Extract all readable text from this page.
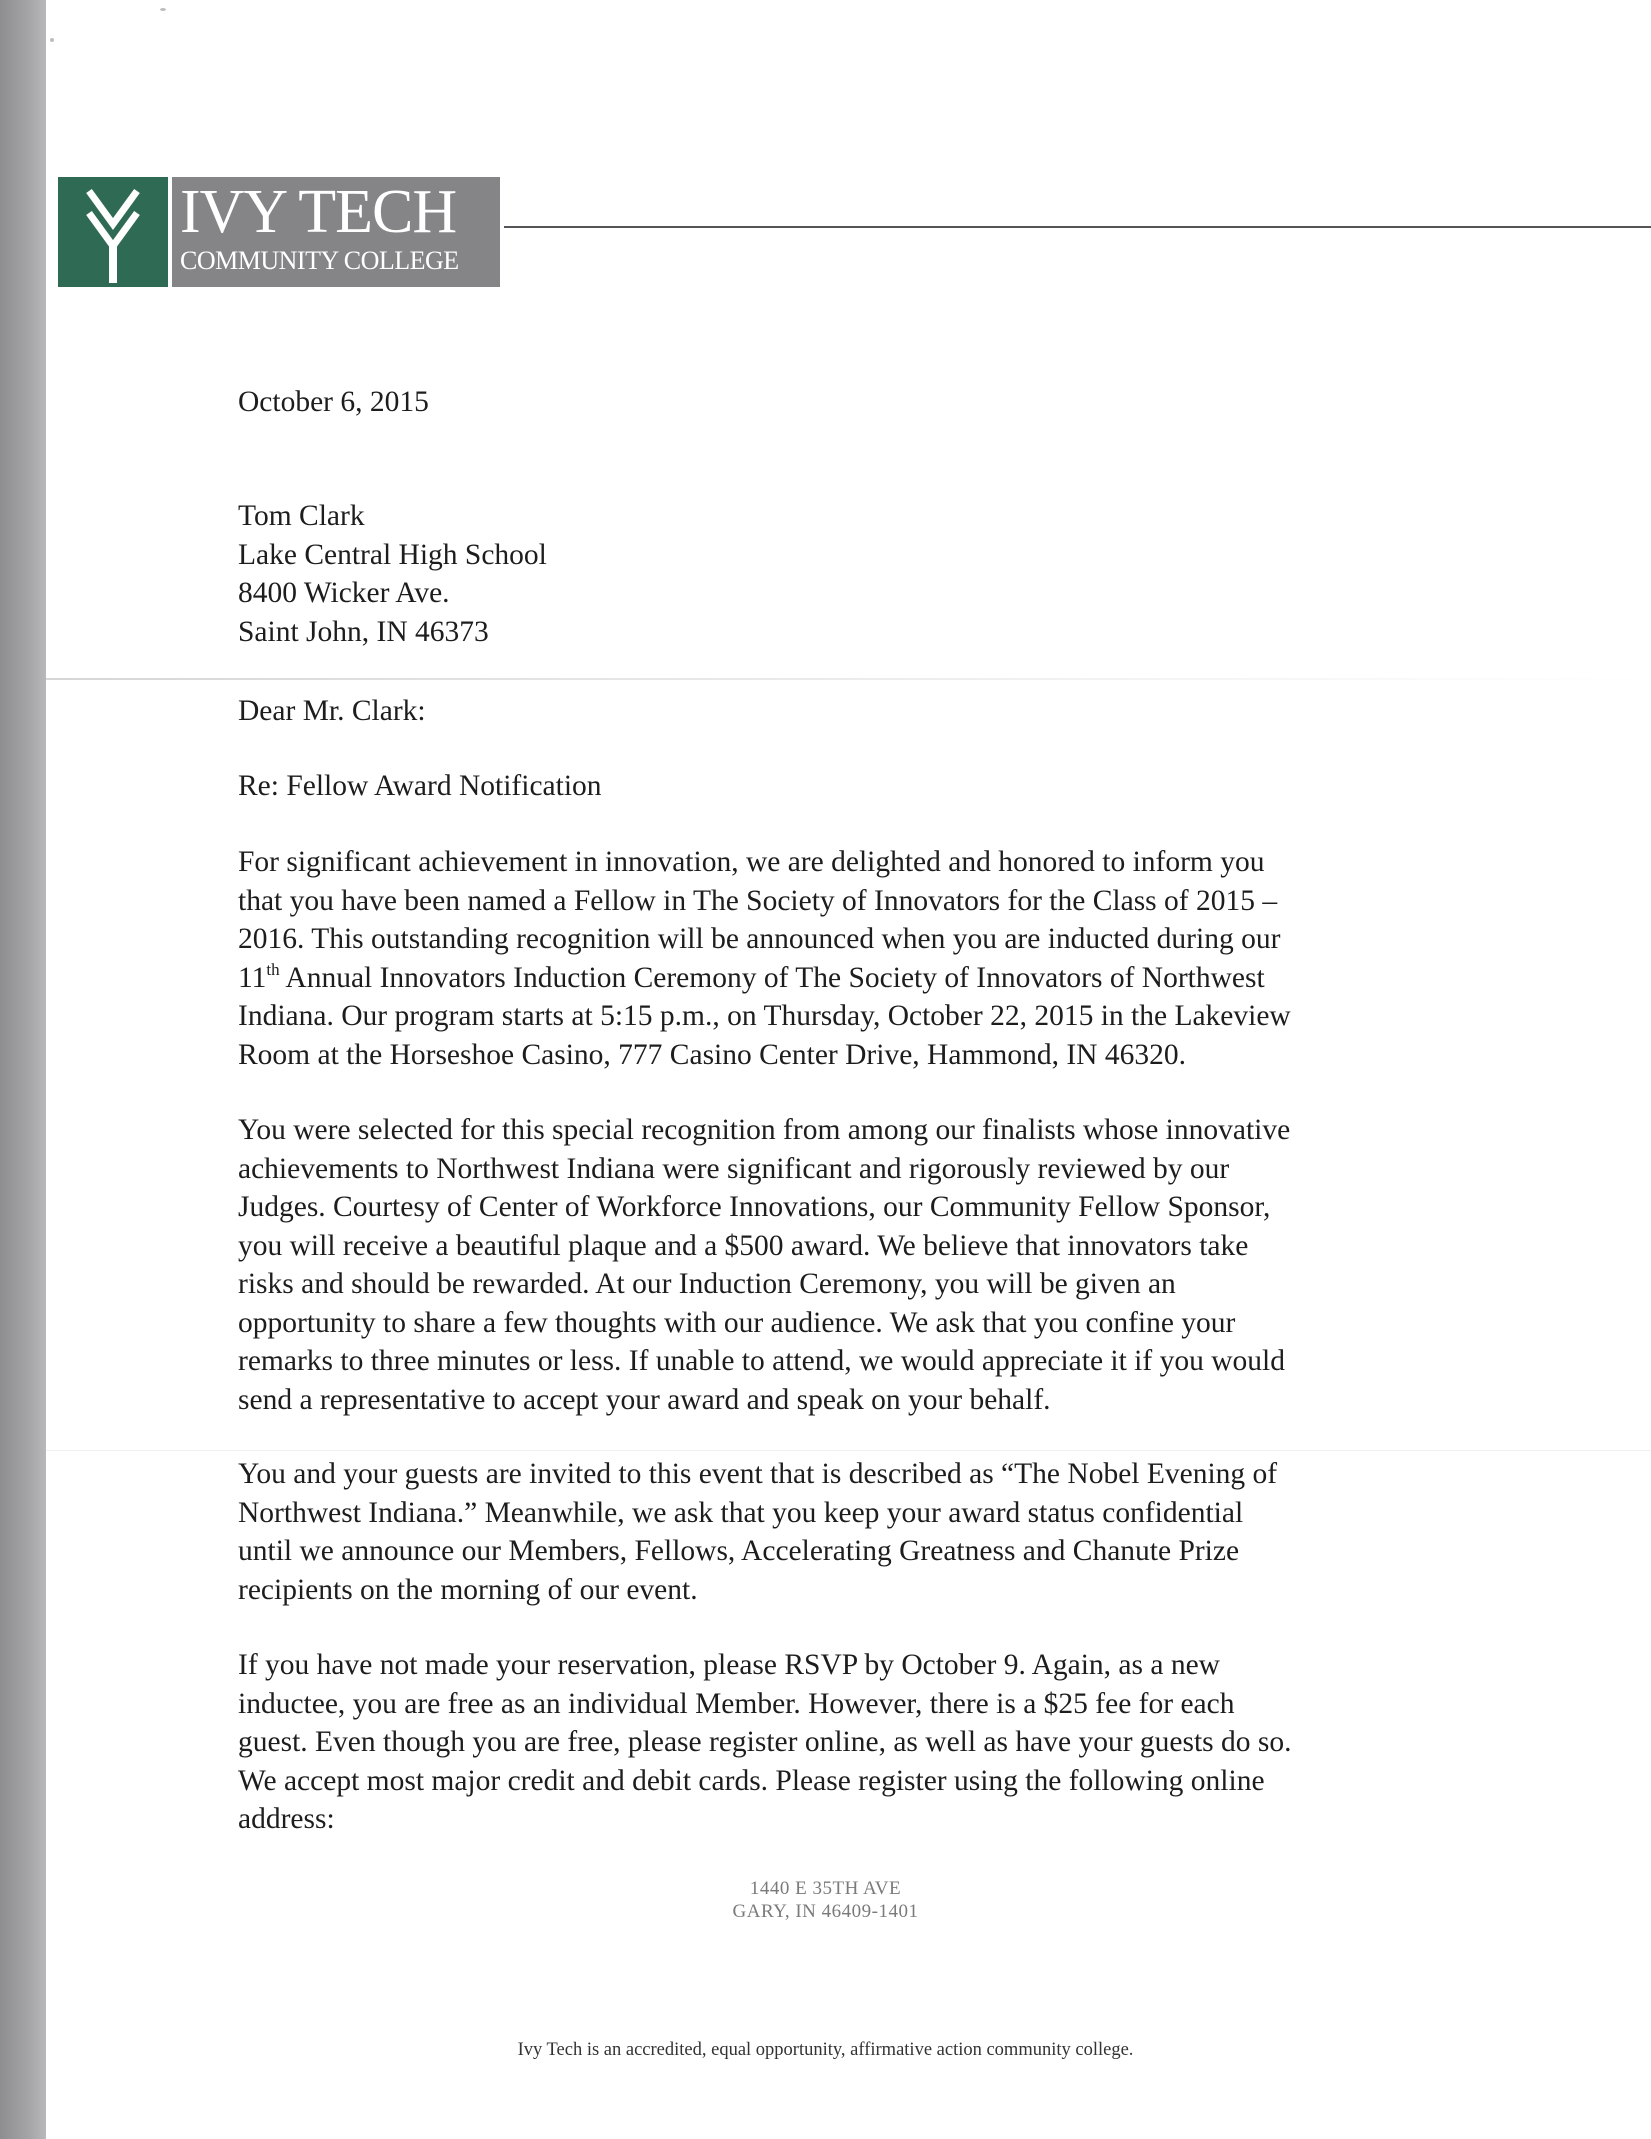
IVY TECH
COMMUNITY COLLEGE

October 6, 2015

Tom Clark
Lake Central High School
8400 Wicker Ave.
Saint John, IN 46373

Dear Mr. Clark:

Re: Fellow Award Notification

For significant achievement in innovation, we are delighted and honored to inform you
that you have been named a Fellow in The Society of Innovators for the Class of 2015 –
2016. This outstanding recognition will be announced when you are inducted during our
11th Annual Innovators Induction Ceremony of The Society of Innovators of Northwest
Indiana. Our program starts at 5:15 p.m., on Thursday, October 22, 2015 in the Lakeview
Room at the Horseshoe Casino, 777 Casino Center Drive, Hammond, IN 46320.
You were selected for this special recognition from among our finalists whose innovative
achievements to Northwest Indiana were significant and rigorously reviewed by our
Judges. Courtesy of Center of Workforce Innovations, our Community Fellow Sponsor,
you will receive a beautiful plaque and a $500 award. We believe that innovators take
risks and should be rewarded. At our Induction Ceremony, you will be given an
opportunity to share a few thoughts with our audience. We ask that you confine your
remarks to three minutes or less. If unable to attend, we would appreciate it if you would
send a representative to accept your award and speak on your behalf.
You and your guests are invited to this event that is described as “The Nobel Evening of
Northwest Indiana.” Meanwhile, we ask that you keep your award status confidential
until we announce our Members, Fellows, Accelerating Greatness and Chanute Prize
recipients on the morning of our event.
If you have not made your reservation, please RSVP by October 9. Again, as a new
inductee, you are free as an individual Member. However, there is a $25 fee for each
guest. Even though you are free, please register online, as well as have your guests do so.
We accept most major credit and debit cards. Please register using the following online
address:
1440 E 35TH AVE
GARY, IN 46409-1401

Ivy Tech is an accredited, equal opportunity, affirmative action community college.
